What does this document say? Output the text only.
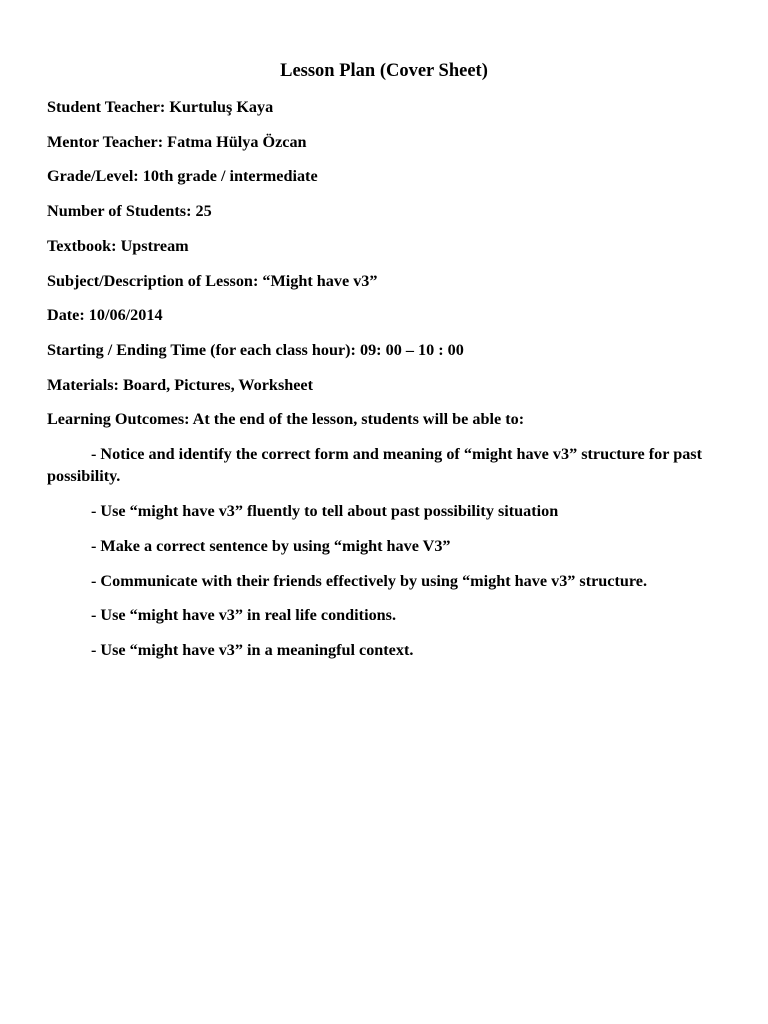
Lesson Plan (Cover Sheet)
Student Teacher: Kurtuluş Kaya
Mentor Teacher: Fatma Hülya Özcan
Grade/Level: 10th grade / intermediate
Number of Students: 25
Textbook: Upstream
Subject/Description of Lesson: “Might have v3”
Date: 10/06/2014
Starting / Ending Time (for each class hour): 09: 00 – 10 : 00
Materials: Board, Pictures, Worksheet
Learning Outcomes: At the end of the lesson, students will be able to:
- Notice and identify the correct form and meaning of “might have v3” structure for past possibility.
- Use “might have v3” fluently to tell about past possibility situation
- Make a correct sentence by using “might have V3”
- Communicate with their friends effectively by using “might have v3” structure.
- Use “might have v3” in real life conditions.
- Use “might have v3” in a meaningful context.
